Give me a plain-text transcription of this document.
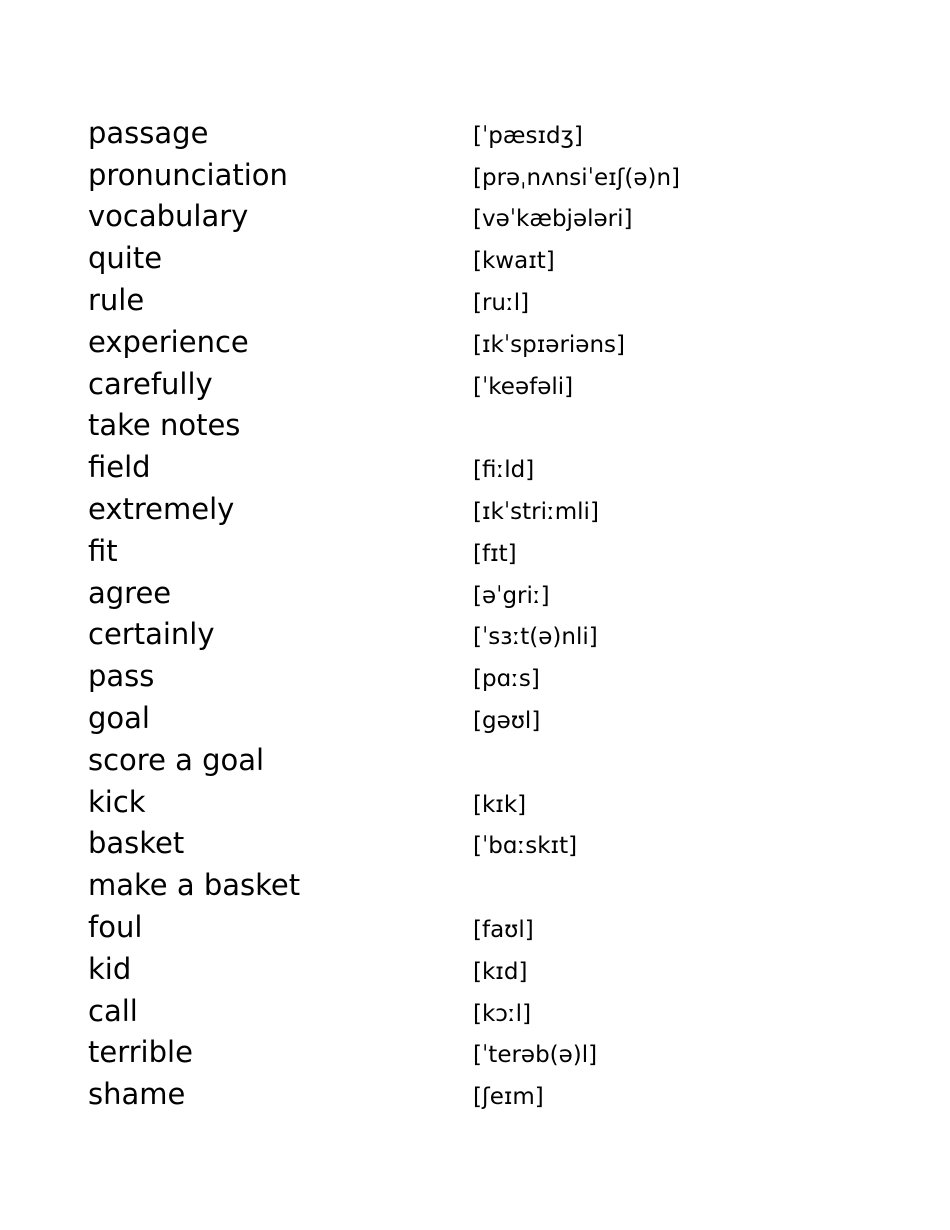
passage	[ˈpæsɪdʒ]
pronunciation	[prəˌnʌnsiˈeɪʃ(ə)n]
vocabulary	[vəˈkæbjələri]
quite	[kwaɪt]
rule	[ruːl]
experience	[ɪkˈspɪəriəns]
carefully	[ˈkeəfəli]
take notes
field	[fiːld]
extremely	[ɪkˈstriːmli]
fit	[fɪt]
agree	[əˈgriː]
certainly	[ˈsɜːt(ə)nli]
pass	[pɑːs]
goal	[gəʊl]
score a goal
kick	[kɪk]
basket	[ˈbɑːskɪt]
make a basket
foul	[faʊl]
kid	[kɪd]
call	[kɔːl]
terrible	[ˈterəb(ə)l]
shame	[ʃeɪm]
